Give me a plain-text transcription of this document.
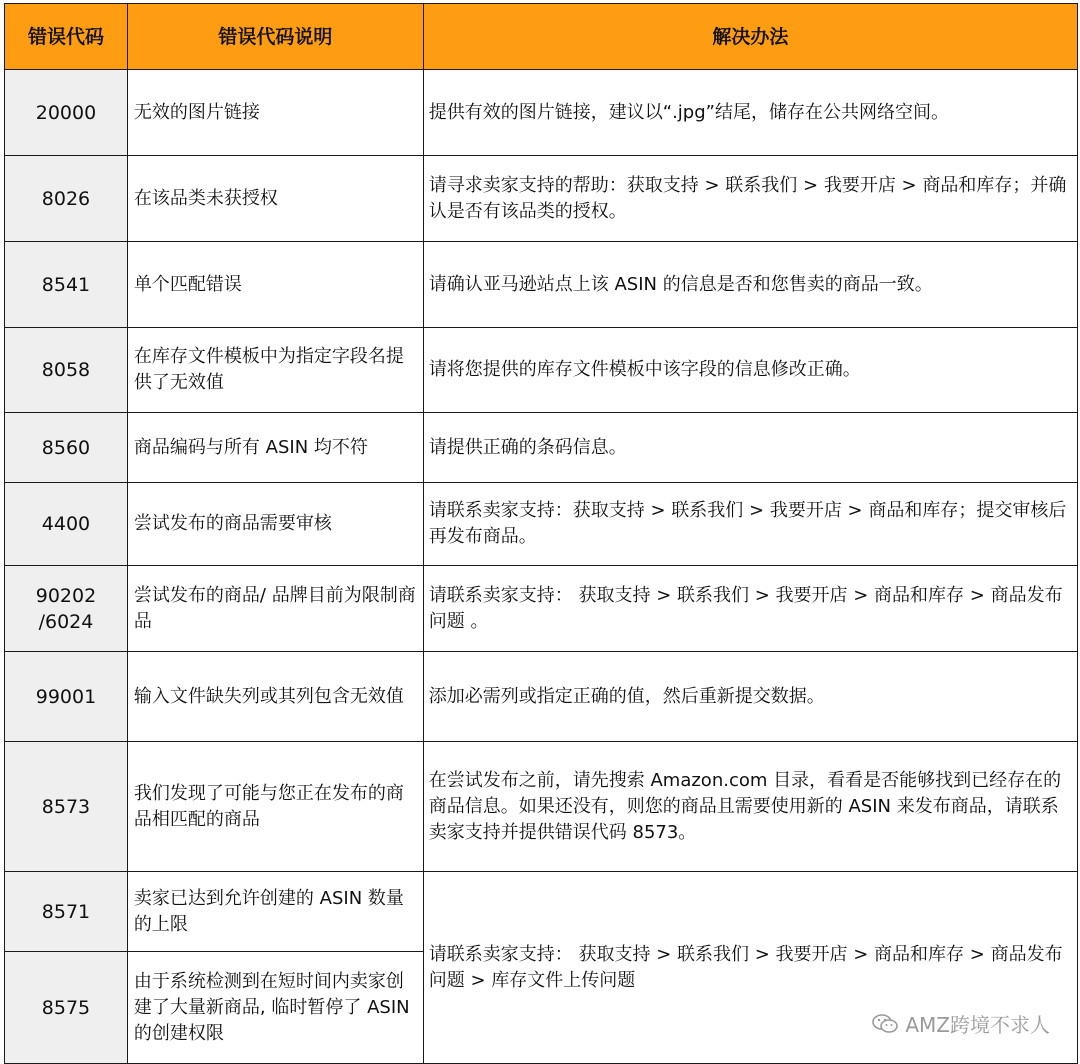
错误代码	错误代码说明	解决办法
20000	无效的图片链接	提供有效的图片链接，建议以“.jpg”结尾，储存在公共网络空间。
8026	在该品类未获授权	请寻求卖家支持的帮助：获取支持 > 联系我们 > 我要开店 > 商品和库存；并确认是否有该品类的授权。
8541	单个匹配错误	请确认亚马逊站点上该 ASIN 的信息是否和您售卖的商品一致。
8058	在库存文件模板中为指定字段名提供了无效值	请将您提供的库存文件模板中该字段的信息修改正确。
8560	商品编码与所有 ASIN 均不符	请提供正确的条码信息。
4400	尝试发布的商品需要审核	请联系卖家支持：获取支持 > 联系我们 > 我要开店 > 商品和库存；提交审核后再发布商品。
90202 /6024	尝试发布的商品/ 品牌目前为限制商品	请联系卖家支持： 获取支持 > 联系我们 > 我要开店 > 商品和库存 > 商品发布问题 。
99001	输入文件缺失列或其列包含无效值	添加必需列或指定正确的值，然后重新提交数据。
8573	我们发现了可能与您正在发布的商品相匹配的商品	在尝试发布之前，请先搜索 Amazon.com 目录，看看是否能够找到已经存在的商品信息。如果还没有，则您的商品且需要使用新的 ASIN 来发布商品，请联系卖家支持并提供错误代码 8573。
8571	卖家已达到允许创建的 ASIN 数量的上限	请联系卖家支持： 获取支持 > 联系我们 > 我要开店 > 商品和库存 > 商品发布问题 > 库存文件上传问题
8575	由于系统检测到在短时间内卖家创建了大量新商品, 临时暂停了 ASIN 的创建权限		AMZ跨境不求人
